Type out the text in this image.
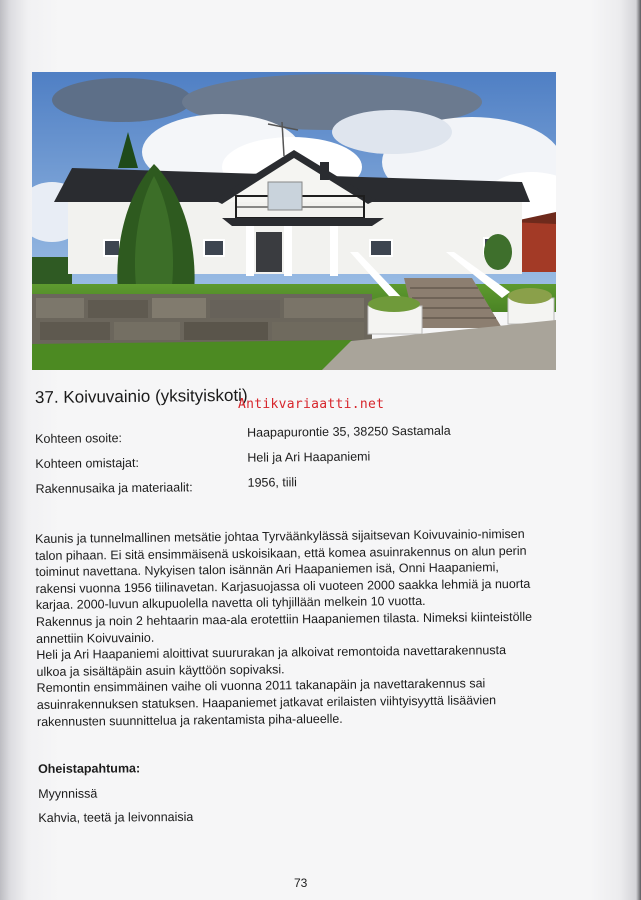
37. Koivuvainio (yksityiskoti)
Antikvariaatti.net
Kohteen osoite:	Haapapurontie 35, 38250 Sastamala
Kohteen omistajat:	Heli ja Ari Haapaniemi
Rakennusaika ja materiaalit:	1956, tiili

Kaunis ja tunnelmallinen metsätie johtaa Tyrväänkylässä sijaitsevan Koivuvainio-nimisen

talon pihaan. Ei sitä ensimmäisenä uskoisikaan, että komea asuinrakennus on alun perin

toiminut navettana. Nykyisen talon isännän Ari Haapaniemen isä, Onni Haapaniemi,

rakensi vuonna 1956 tiilinavetan. Karjasuojassa oli vuoteen 2000 saakka lehmiä ja nuorta

karjaa. 2000-luvun alkupuolella navetta oli tyhjillään melkein 10 vuotta.

Rakennus ja noin 2 hehtaarin maa-ala erotettiin Haapaniemen tilasta. Nimeksi kiinteistölle

annettiin Koivuvainio.

Heli ja Ari Haapaniemi aloittivat suururakan ja alkoivat remontoida navettarakennusta

ulkoa ja sisältäpäin asuin käyttöön sopivaksi.

Remontin ensimmäinen vaihe oli vuonna 2011 takanapäin ja navettarakennus sai

asuinrakennuksen statuksen. Haapaniemet jatkavat erilaisten viihtyisyyttä lisäävien

rakennusten suunnittelua ja rakentamista piha-alueelle.

Oheistapahtuma:
Myynnissä
Kahvia, teetä ja leivonnaisia
73
